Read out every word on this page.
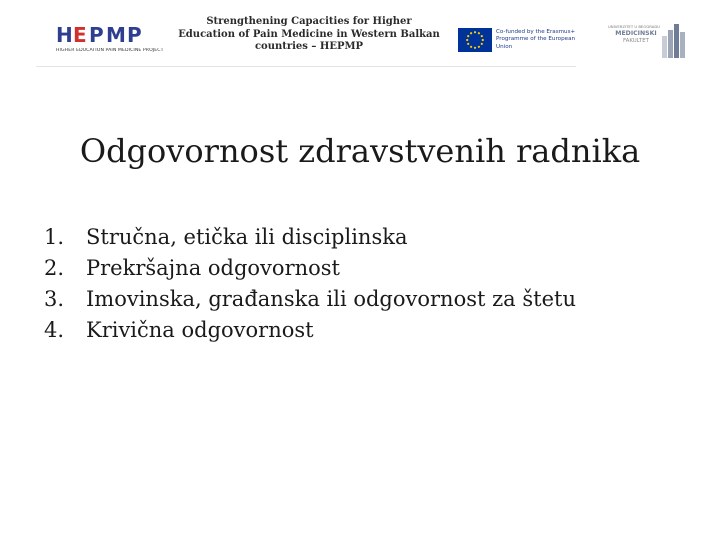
H E P M P
HIGHER EDUCATION PAIN MEDICINE PROJECT
Strengthening Capacities for Higher Education of Pain Medicine in Western Balkan countries – HEPMP
Co-funded by the Erasmus+ Programme of the European Union
UNIVERZITET U BEOGRADU
MEDICINSKI
FAKULTET
Odgovornost zdravstvenih radnika
1. Stručna, etička ili disciplinska
2. Prekršajna odgovornost
3. Imovinska, građanska ili odgovornost za štetu
4. Krivična odgovornost
